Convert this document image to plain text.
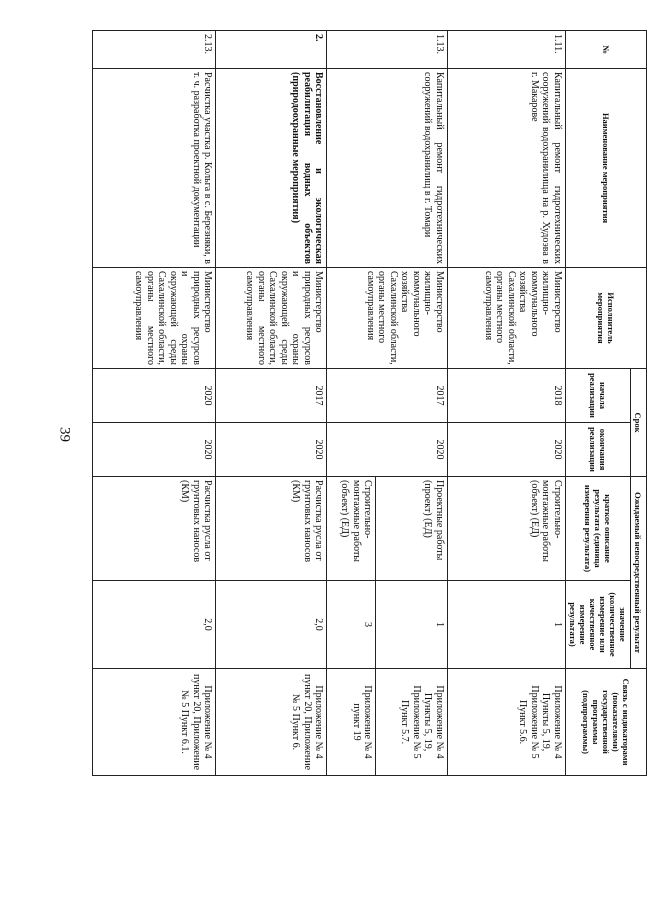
39
№	Наименование мероприятия	Исполнитель мероприятия	Срок		Ожидаемый непосредственный результат		Связь с индикаторами (показателями) государственной программы (подпрограммы)
			начала реализации	окончания реализации	краткое описание результата (единица измерения результата)	значение (количественное измерение или качественное измерение результата)	

1.11.	Капитальный ремонт гидротехнических сооружений водохранилища на р. Худоэва в г. Макарове	Министерство жилищно-коммунального хозяйства Сахалинской области, органы местного самоуправления	2018	2020	Строительно-монтажные работы (объект) (ЕД)	1	Приложение № 4 Пункты 5, 19, Приложение № 5 Пункт 5.6.
1.13.	Капитальный ремонт гидротехнических сооружений водохранилищ в г. Томари	Министерство жилищно-коммунального хозяйства Сахалинской области, органы местного самоуправления	2017	2020	Проектные работы (проект) (ЕД)	1	Приложение № 4 Пункты 5, 19, Приложение № 5 Пункт 5.7.
					Строительно-монтажные работы (объект) (ЕД)	3	Приложение № 4 пункт 19
2.	Восстановление и экологическая реабилитация водных объектов (природоохранные мероприятия)	Министерство природных ресурсов и охраны окружающей среды Сахалинской области, органы местного самоуправления	2017	2020	Расчистка русла от грунтовых наносов (КМ)	2,0	Приложение № 4 пункт 20, Приложение № 5 Пункт 6.
2.13.	Расчистка участка р. Кольга в с. Березняки, в т. ч. разработка проектной документации	Министерство природных ресурсов и охраны окружающей среды Сахалинской области, органы местного самоуправления	2020	2020	Расчистка русла от грунтовых наносов (КМ)	2,0	Приложение № 4 пункт 20, Приложение № 5 Пункт 6.1.
